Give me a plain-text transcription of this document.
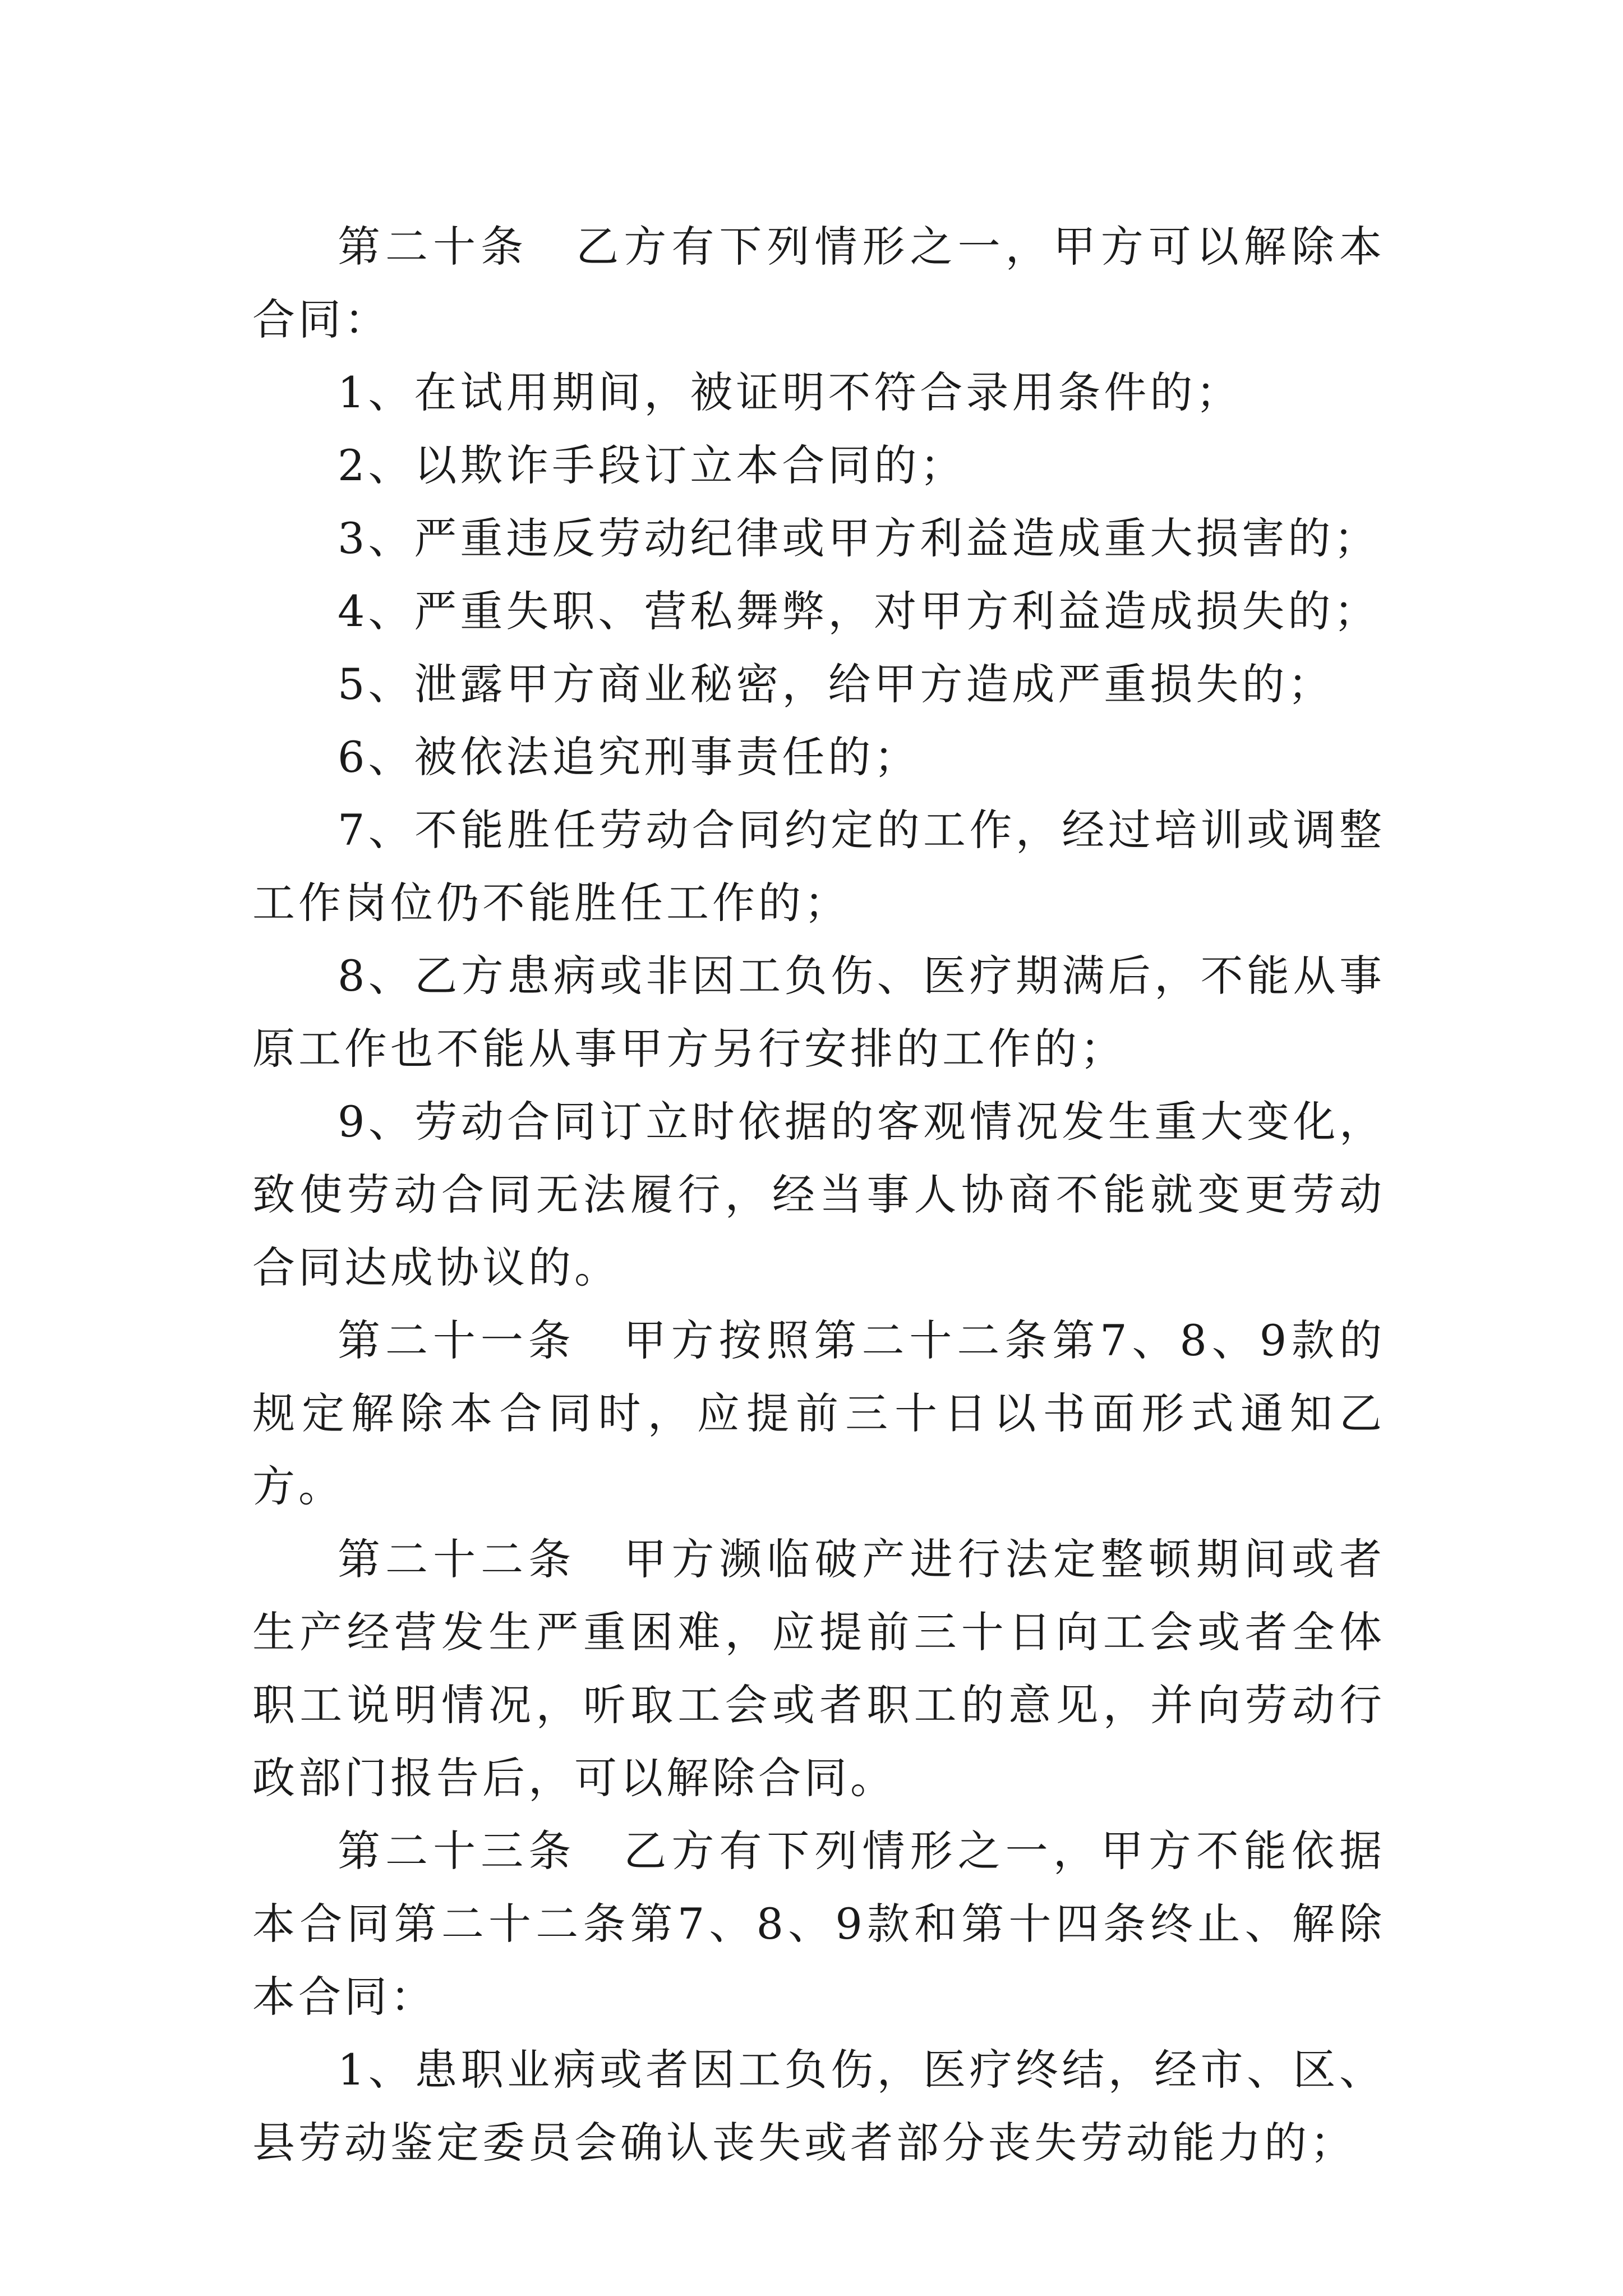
第二十条　乙方有下列情形之一，甲方可以解除本合同：

1、在试用期间，被证明不符合录用条件的；

2、以欺诈手段订立本合同的；

3、严重违反劳动纪律或甲方利益造成重大损害的；

4、严重失职、营私舞弊，对甲方利益造成损失的；

5、泄露甲方商业秘密，给甲方造成严重损失的；

6、被依法追究刑事责任的；

7、不能胜任劳动合同约定的工作，经过培训或调整工作岗位仍不能胜任工作的；

8、乙方患病或非因工负伤、医疗期满后，不能从事原工作也不能从事甲方另行安排的工作的；

9、劳动合同订立时依据的客观情况发生重大变化，致使劳动合同无法履行，经当事人协商不能就变更劳动合同达成协议的。

第二十一条　甲方按照第二十二条第7、8、9款的规定解除本合同时，应提前三十日以书面形式通知乙方。

第二十二条　甲方濒临破产进行法定整顿期间或者生产经营发生严重困难，应提前三十日向工会或者全体职工说明情况，听取工会或者职工的意见，并向劳动行政部门报告后，可以解除合同。

第二十三条　乙方有下列情形之一，甲方不能依据本合同第二十二条第7、8、9款和第十四条终止、解除本合同：

1、患职业病或者因工负伤，医疗终结，经市、区、县劳动鉴定委员会确认丧失或者部分丧失劳动能力的；
